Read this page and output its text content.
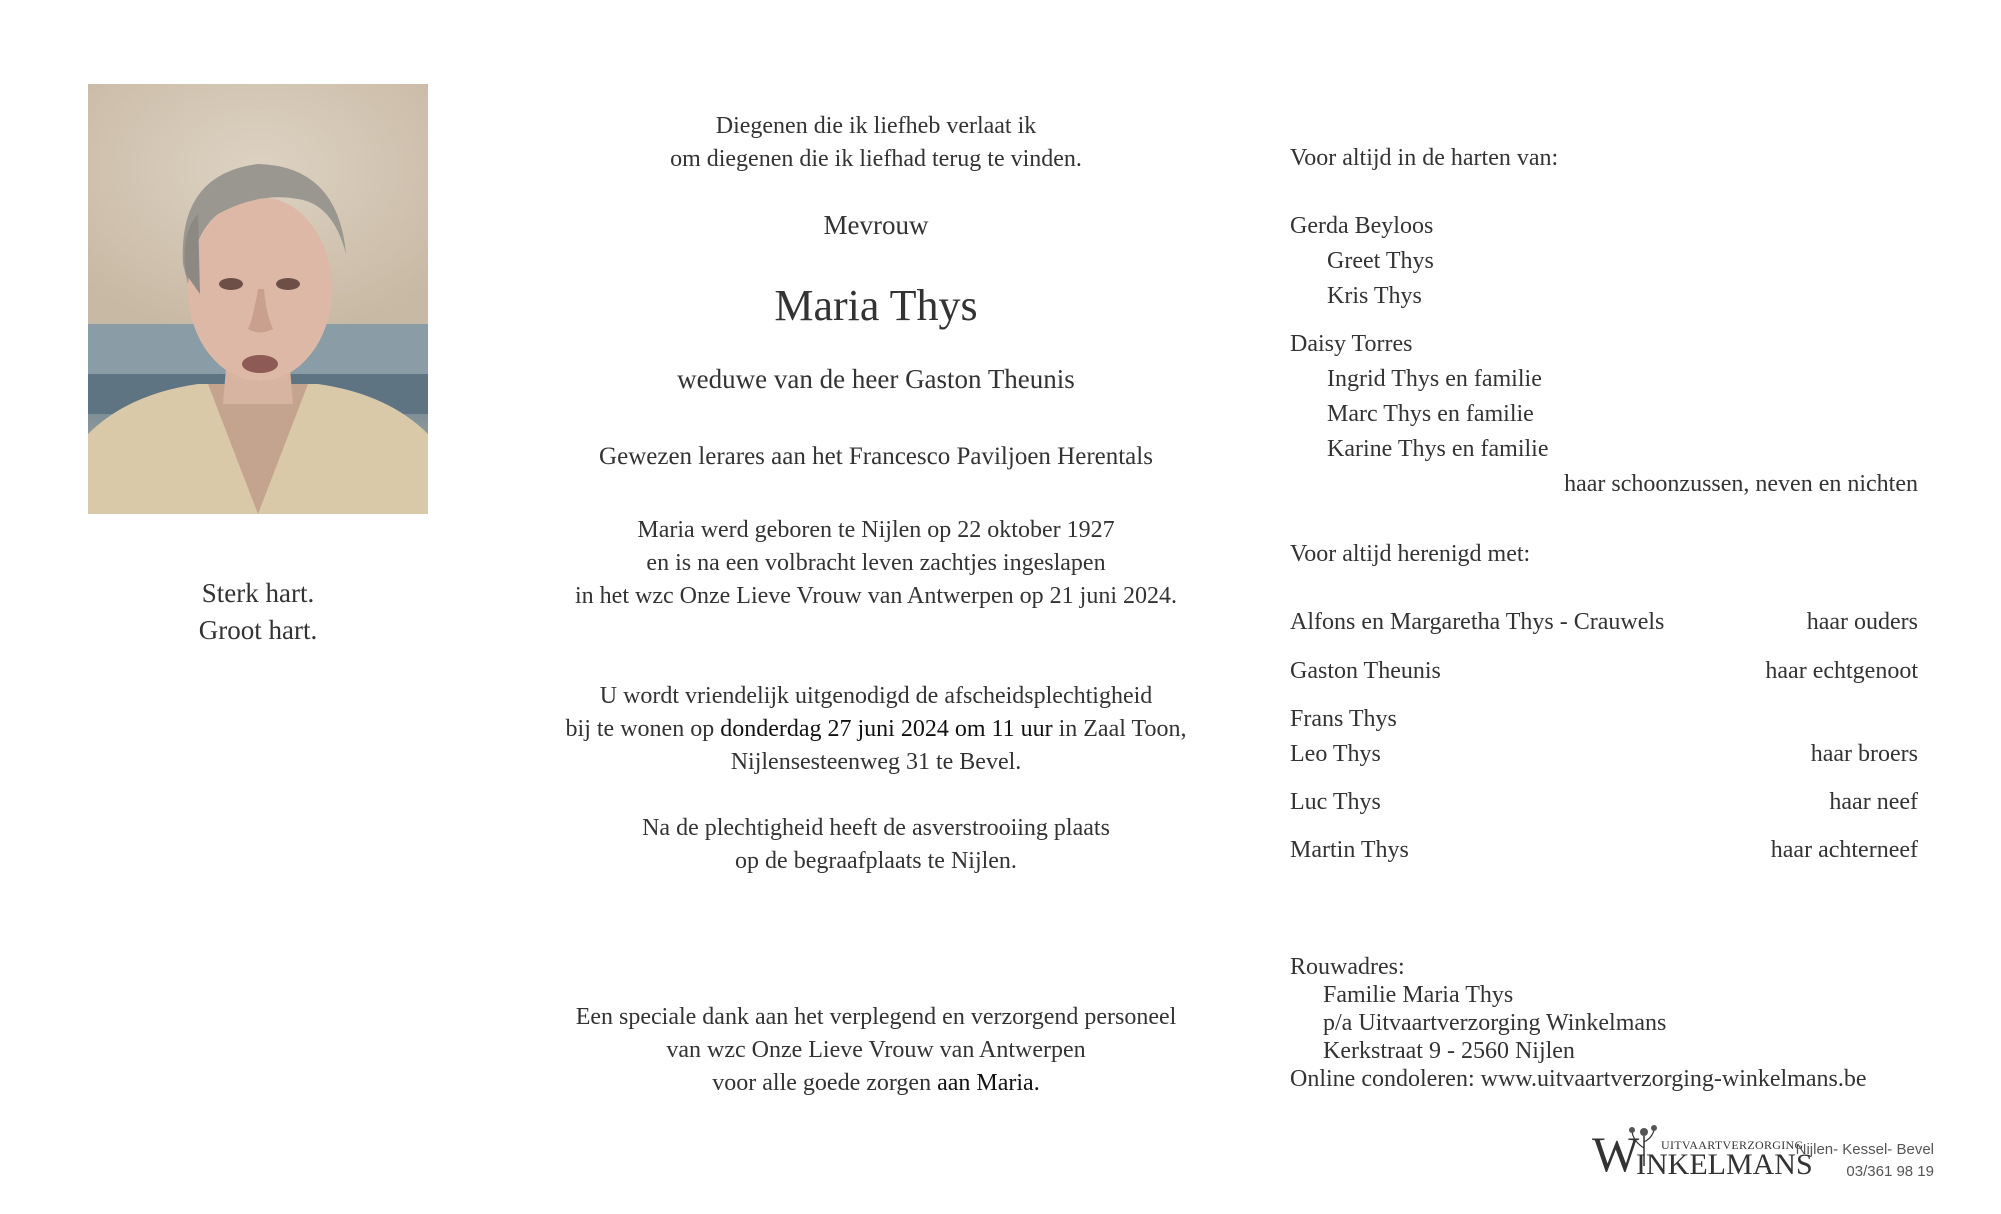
Sterk hart.
Groot hart.
Diegenen die ik liefheb verlaat ik
om diegenen die ik liefhad terug te vinden.
Mevrouw
Maria Thys
weduwe van de heer Gaston Theunis
Gewezen lerares aan het Francesco Paviljoen Herentals
Maria werd geboren te Nijlen op 22 oktober 1927
en is na een volbracht leven zachtjes ingeslapen
in het wzc Onze Lieve Vrouw van Antwerpen op 21 juni 2024.
U wordt vriendelijk uitgenodigd de afscheidsplechtigheid
bij te wonen op donderdag 27 juni 2024 om 11 uur in Zaal Toon,
Nijlensesteenweg 31 te Bevel.
Na de plechtigheid heeft de asverstrooiing plaats
op de begraafplaats te Nijlen.
Een speciale dank aan het verplegend en verzorgend personeel
van wzc Onze Lieve Vrouw van Antwerpen
voor alle goede zorgen aan Maria.
Voor altijd in de harten van:
Gerda Beyloos
Greet Thys
Kris Thys
Daisy Torres
Ingrid Thys en familie
Marc Thys en familie
Karine Thys en familie
haar schoonzussen, neven en nichten
Voor altijd herenigd met:
Alfons en Margaretha Thys - Crauwels	haar ouders
Gaston Theunis	haar echtgenoot
Frans Thys
Leo Thys	haar broers
Luc Thys	haar neef
Martin Thys	haar achterneef
Rouwadres:
Familie Maria Thys
p/a Uitvaartverzorging Winkelmans
Kerkstraat 9 - 2560 Nijlen
Online condoleren: www.uitvaartverzorging-winkelmans.be
UITVAARTVERZORGING
W
INKELMANS
Nijlen- Kessel- Bevel
03/361 98 19
